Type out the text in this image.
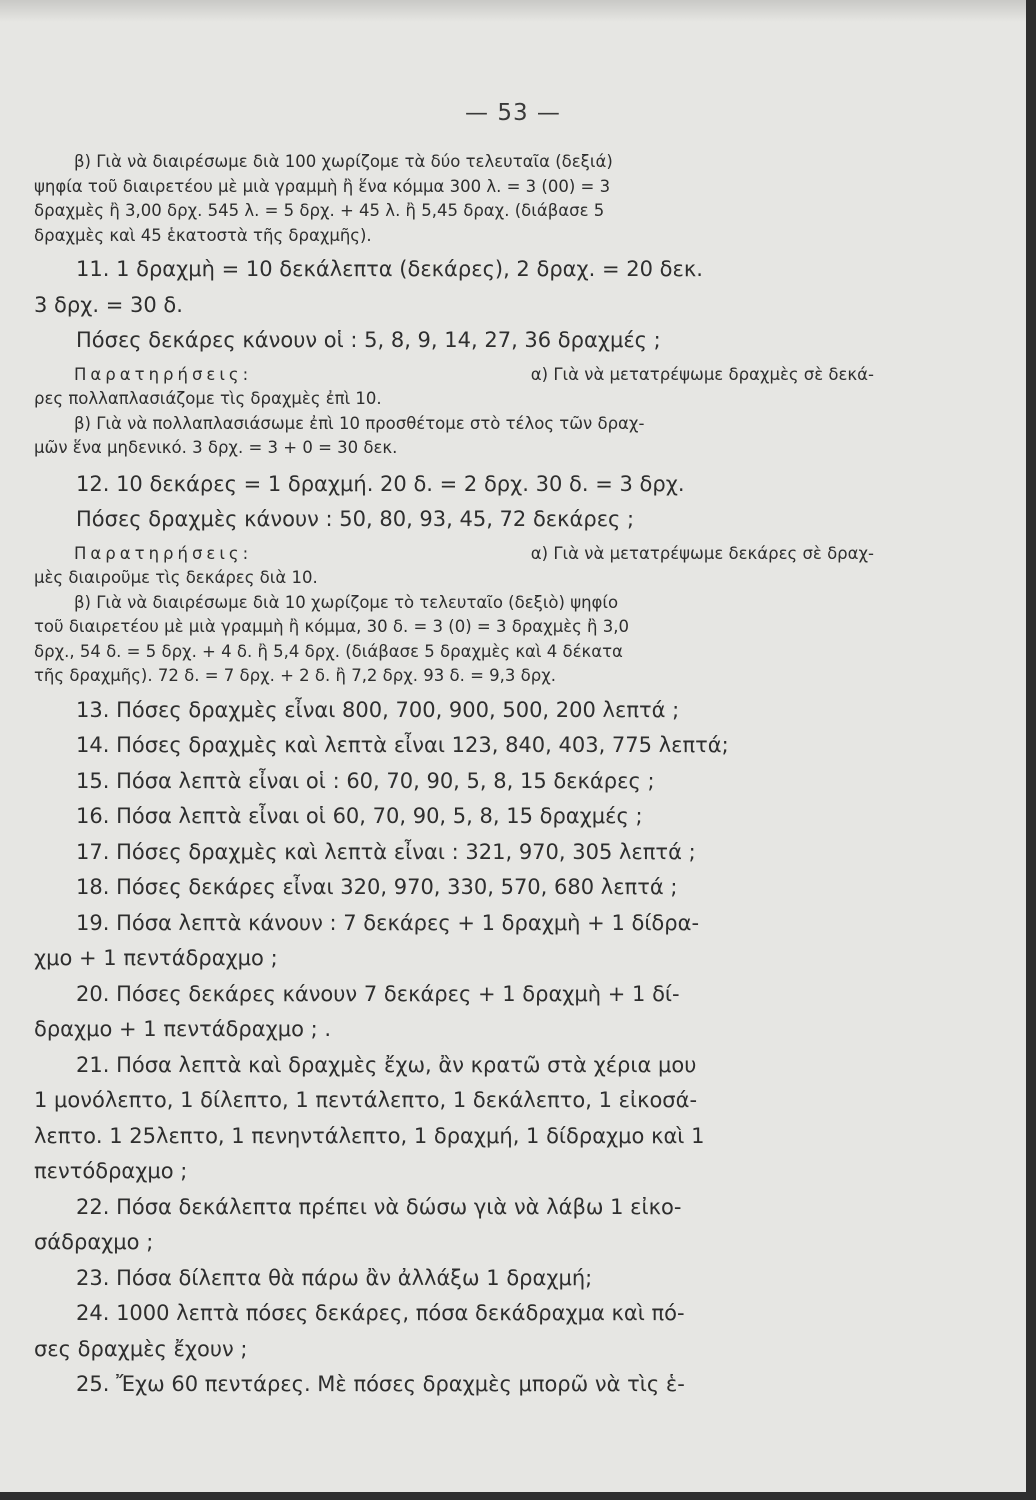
— 53 —
β) Γιὰ νὰ διαιρέσωμε διὰ 100 χωρίζομε τὰ δύο τελευταῖα (δεξιά)
ψηφία τοῦ διαιρετέου μὲ μιὰ γραμμὴ ἢ ἕνα κόμμα 300 λ. = 3 (00) = 3
δραχμὲς ἢ 3,00 δρχ. 545 λ. = 5 δρχ. + 45 λ. ἢ 5,45 δραχ. (διάβασε 5
δραχμὲς καὶ 45 ἑκατοστὰ τῆς δραχμῆς).
11. 1 δραχμὴ = 10 δεκάλεπτα (δεκάρες), 2 δραχ. = 20 δεκ.
3 δρχ. = 30 δ.
Πόσες δεκάρες κάνουν οἱ : 5, 8, 9, 14, 27, 36 δραχμές ;
Παρατηρήσεις:	α) Γιὰ νὰ μετατρέψωμε δραχμὲς σὲ δεκά-
ρες πολλαπλασιάζομε τὶς δραχμὲς ἐπὶ 10.
β) Γιὰ νὰ πολλαπλασιάσωμε ἐπὶ 10 προσθέτομε στὸ τέλος τῶν δραχ-
μῶν ἕνα μηδενικό. 3 δρχ. = 3 + 0 = 30 δεκ.
12. 10 δεκάρες = 1 δραχμή. 20 δ. = 2 δρχ. 30 δ. = 3 δρχ.
Πόσες δραχμὲς κάνουν : 50, 80, 93, 45, 72 δεκάρες ;
Παρατηρήσεις:	α) Γιὰ νὰ μετατρέψωμε δεκάρες σὲ δραχ-
μὲς διαιροῦμε τὶς δεκάρες διὰ 10.
β) Γιὰ νὰ διαιρέσωμε διὰ 10 χωρίζομε τὸ τελευταῖο (δεξιὸ) ψηφίο
τοῦ διαιρετέου μὲ μιὰ γραμμὴ ἢ κόμμα, 30 δ. = 3 (0) = 3 δραχμὲς ἢ 3,0
δρχ., 54 δ. = 5 δρχ. + 4 δ. ἢ 5,4 δρχ. (διάβασε 5 δραχμὲς καὶ 4 δέκατα
τῆς δραχμῆς). 72 δ. = 7 δρχ. + 2 δ. ἢ 7,2 δρχ. 93 δ. = 9,3 δρχ.
13. Πόσες δραχμὲς εἶναι 800, 700, 900, 500, 200 λεπτά ;
14. Πόσες δραχμὲς καὶ λεπτὰ εἶναι 123, 840, 403, 775 λεπτά;
15. Πόσα λεπτὰ εἶναι οἱ : 60, 70, 90, 5, 8, 15 δεκάρες ;
16. Πόσα λεπτὰ εἶναι οἱ 60, 70, 90, 5, 8, 15 δραχμές ;
17. Πόσες δραχμὲς καὶ λεπτὰ εἶναι : 321, 970, 305 λεπτά ;
18. Πόσες δεκάρες εἶναι 320, 970, 330, 570, 680 λεπτά ;
19. Πόσα λεπτὰ κάνουν : 7 δεκάρες + 1 δραχμὴ + 1 δίδρα-
χμο + 1 πεντάδραχμο ;
20. Πόσες δεκάρες κάνουν 7 δεκάρες + 1 δραχμὴ + 1 δί-
δραχμο + 1 πεντάδραχμο ; .
21. Πόσα λεπτὰ καὶ δραχμὲς ἔχω, ἂν κρατῶ στὰ χέρια μου
1 μονόλεπτο, 1 δίλεπτο, 1 πεντάλεπτο, 1 δεκάλεπτο, 1 εἰκοσά-
λεπτο. 1 25λεπτο, 1 πενηντάλεπτο, 1 δραχμή, 1 δίδραχμο καὶ 1
πεντόδραχμο ;
22. Πόσα δεκάλεπτα πρέπει νὰ δώσω γιὰ νὰ λάβω 1 εἰκο-
σάδραχμο ;
23. Πόσα δίλεπτα θὰ πάρω ἂν ἀλλάξω 1 δραχμή;
24. 1000 λεπτὰ πόσες δεκάρες, πόσα δεκάδραχμα καὶ πό-
σες δραχμὲς ἔχουν ;
25. Ἔχω 60 πεντάρες. Μὲ πόσες δραχμὲς μπορῶ νὰ τὶς ἑ-
